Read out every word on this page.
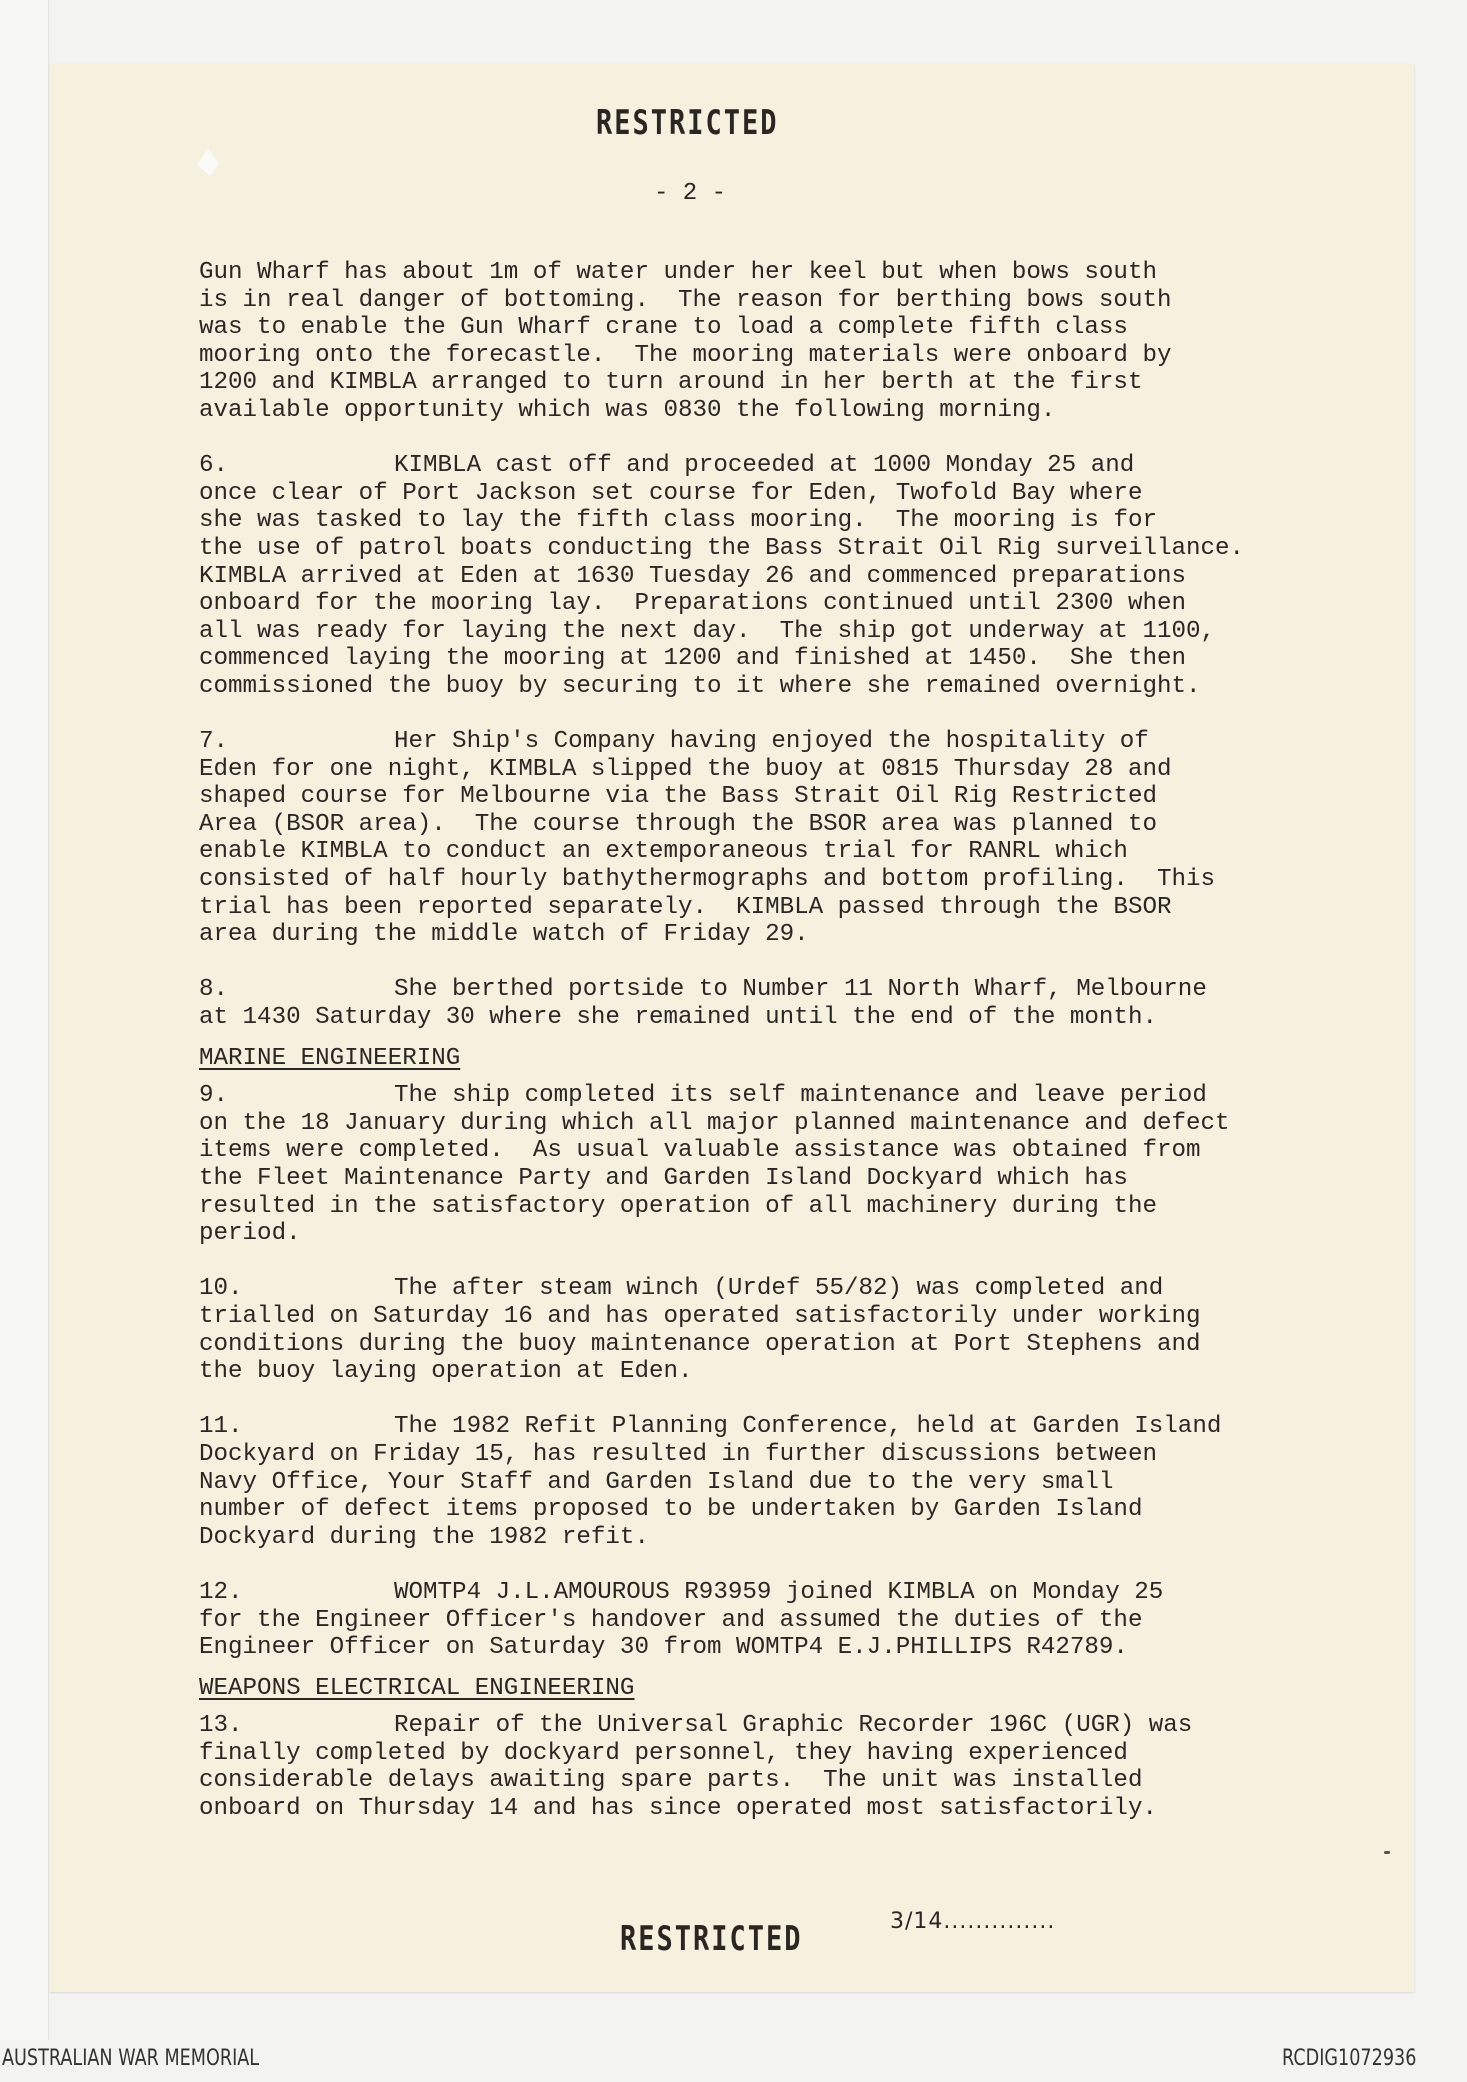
RESTRICTED
- 2 -
Gun Wharf has about 1m of water under her keel but when bows south
is in real danger of bottoming.  The reason for berthing bows south
was to enable the Gun Wharf crane to load a complete fifth class
mooring onto the forecastle.  The mooring materials were onboard by
1200 and KIMBLA arranged to turn around in her berth at the first
available opportunity which was 0830 the following morning.
6.	KIMBLA cast off and proceeded at 1000 Monday 25 and
once clear of Port Jackson set course for Eden, Twofold Bay where
she was tasked to lay the fifth class mooring.  The mooring is for
the use of patrol boats conducting the Bass Strait Oil Rig surveillance.
KIMBLA arrived at Eden at 1630 Tuesday 26 and commenced preparations
onboard for the mooring lay.  Preparations continued until 2300 when
all was ready for laying the next day.  The ship got underway at 1100,
commenced laying the mooring at 1200 and finished at 1450.  She then
commissioned the buoy by securing to it where she remained overnight.
7.	Her Ship's Company having enjoyed the hospitality of
Eden for one night, KIMBLA slipped the buoy at 0815 Thursday 28 and
shaped course for Melbourne via the Bass Strait Oil Rig Restricted
Area (BSOR area).  The course through the BSOR area was planned to
enable KIMBLA to conduct an extemporaneous trial for RANRL which
consisted of half hourly bathythermographs and bottom profiling.  This
trial has been reported separately.  KIMBLA passed through the BSOR
area during the middle watch of Friday 29.
8.	She berthed portside to Number 11 North Wharf, Melbourne
at 1430 Saturday 30 where she remained until the end of the month.
MARINE ENGINEERING
9.	The ship completed its self maintenance and leave period
on the 18 January during which all major planned maintenance and defect
items were completed.  As usual valuable assistance was obtained from
the Fleet Maintenance Party and Garden Island Dockyard which has
resulted in the satisfactory operation of all machinery during the
period.
10.	The after steam winch (Urdef 55/82) was completed and
trialled on Saturday 16 and has operated satisfactorily under working
conditions during the buoy maintenance operation at Port Stephens and
the buoy laying operation at Eden.
11.	The 1982 Refit Planning Conference, held at Garden Island
Dockyard on Friday 15, has resulted in further discussions between
Navy Office, Your Staff and Garden Island due to the very small
number of defect items proposed to be undertaken by Garden Island
Dockyard during the 1982 refit.
12.	WOMTP4 J.L.AMOUROUS R93959 joined KIMBLA on Monday 25
for the Engineer Officer's handover and assumed the duties of the
Engineer Officer on Saturday 30 from WOMTP4 E.J.PHILLIPS R42789.
WEAPONS ELECTRICAL ENGINEERING
13.	Repair of the Universal Graphic Recorder 196C (UGR) was
finally completed by dockyard personnel, they having experienced
considerable delays awaiting spare parts.  The unit was installed
onboard on Thursday 14 and has since operated most satisfactorily.
RESTRICTED	3/14..............
AUSTRALIAN WAR MEMORIAL	RCDIG1072936
